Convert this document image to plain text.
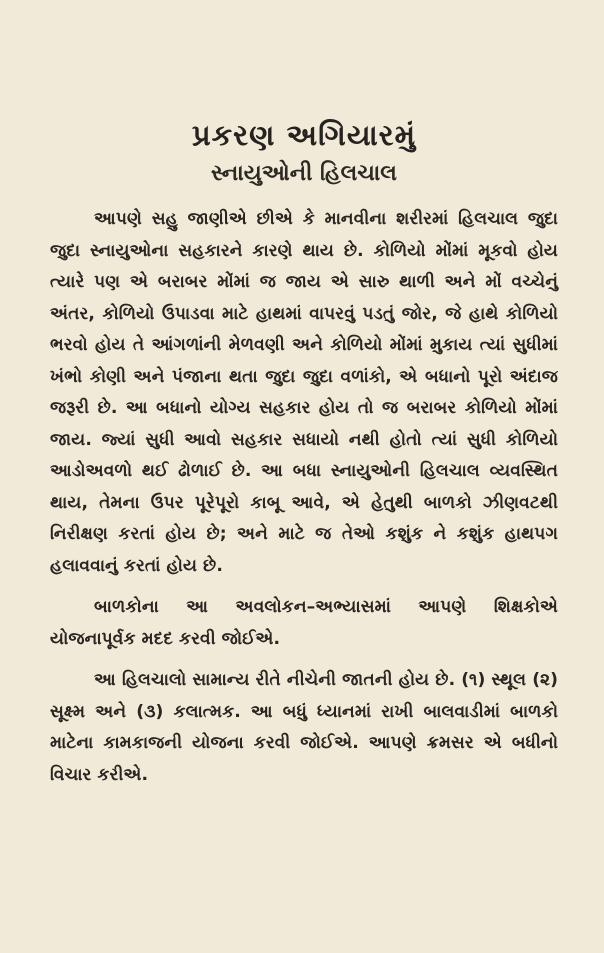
પ્રકરણ અગિયારમું
સ્નાયુઓની હિલચાલ

આપણે સહુ જાણીએ છીએ કે માનવીના શરીરમાં હિલચાલ જુદા જુદા સ્નાયુઓના સહકારને કારણે થાય છે. કોળિયો મોંમાં મૂકવો હોય ત્યારે પણ એ બરાબર મોંમાં જ જાય એ સારુ થાળી અને મોં વચ્ચેનું અંતર, કોળિયો ઉપાડવા માટે હાથમાં વાપરવું પડતું જોર, જે હાથે કોળિયો ભરવો હોય તે આંગળાંની મેળવણી અને કોળિયો મોંમાં મુકાય ત્યાં સુધીમાં ખંભો કોણી અને પંજાના થતા જુદા જુદા વળાંકો, એ બધાનો પૂરો અંદાજ જરૂરી છે. આ બધાનો યોગ્ય સહકાર હોય તો જ બરાબર કોળિયો મોંમાં જાય. જ્યાં સુધી આવો સહકાર સધાયો નથી હોતો ત્યાં સુધી કોળિયો આડોઅવળો થઈ ઢોળાઈ છે. આ બધા સ્નાયુઓની હિલચાલ વ્યવસ્થિત થાય, તેમના ઉપર પૂરેપૂરો કાબૂ આવે, એ હેતુથી બાળકો ઝીણવટથી નિરીક્ષણ કરતાં હોય છે; અને માટે જ તેઓ કશુંક ને કશુંક હાથપગ હલાવવાનું કરતાં હોય છે.

બાળકોના આ અવલોકન–અભ્યાસમાં આપણે શિક્ષકોએ યોજનાપૂર્વક મદદ કરવી જોઈએ.

આ હિલચાલો સામાન્ય રીતે નીચેની જાતની હોય છે. (૧) સ્થૂલ (૨) સૂક્ષ્મ અને (૩) કલાત્મક. આ બધું ધ્યાનમાં રાખી બાલવાડીમાં બાળકો માટેના કામકાજની યોજના કરવી જોઈએ. આપણે ક્રમસર એ બધીનો વિચાર કરીએ.
